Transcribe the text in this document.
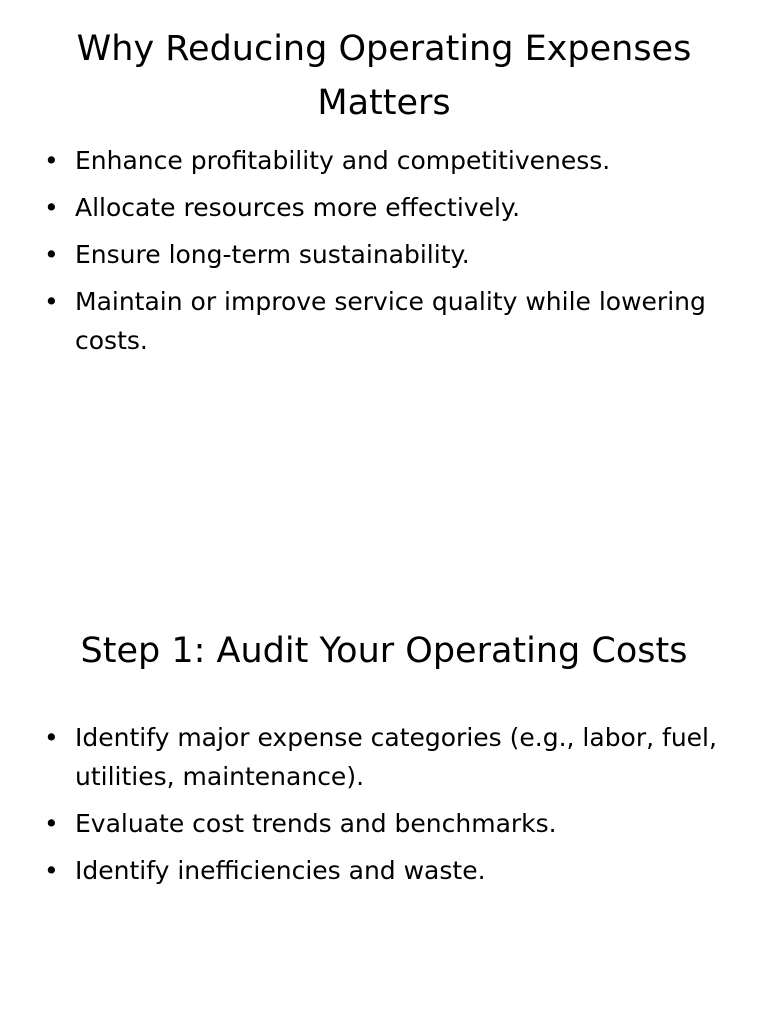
Why Reducing Operating Expenses Matters
• Enhance profitability and competitiveness.
• Allocate resources more effectively.
• Ensure long-term sustainability.
• Maintain or improve service quality while lowering costs.
Step 1: Audit Your Operating Costs
• Identify major expense categories (e.g., labor, fuel, utilities, maintenance).
• Evaluate cost trends and benchmarks.
• Identify inefficiencies and waste.
